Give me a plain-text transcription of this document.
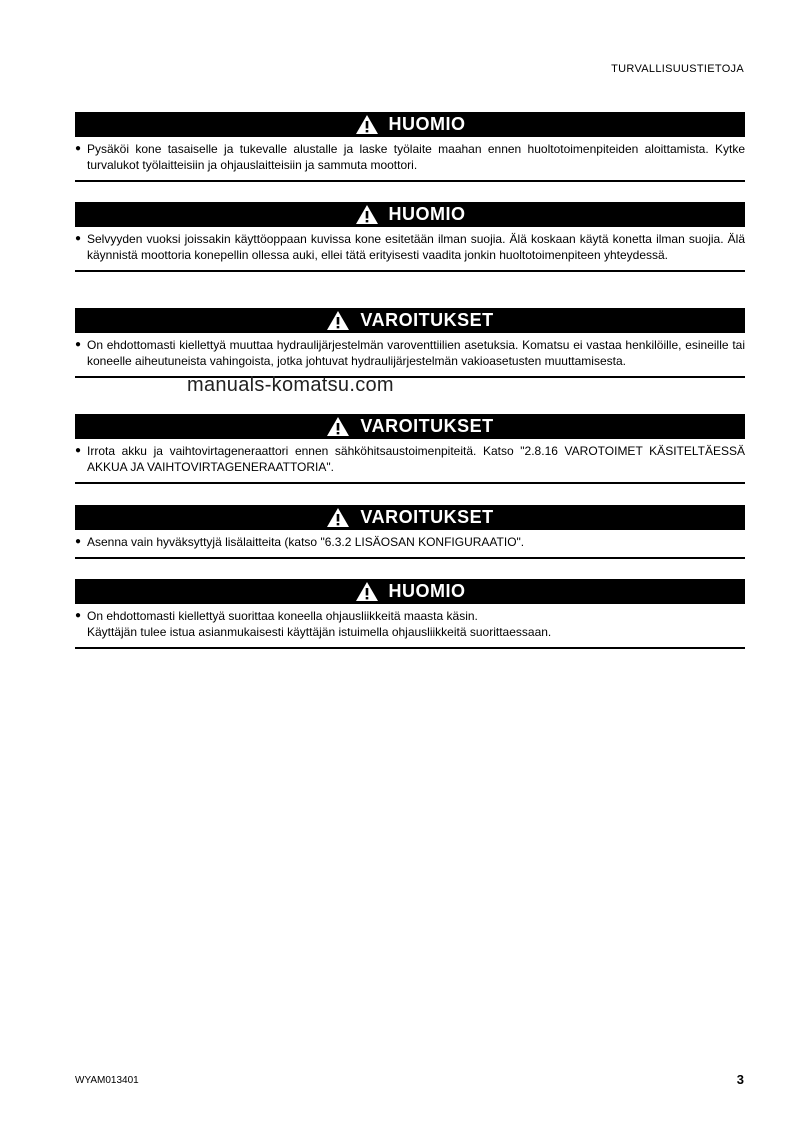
TURVALLISUUSTIETOJA
HUOMIO
● Pysäköi kone tasaiselle ja tukevalle alustalle ja laske työlaite maahan ennen huoltotoimenpiteiden aloittamista. Kytke turvalukot työlaitteisiin ja ohjauslaitteisiin ja sammuta moottori.
HUOMIO
● Selvyyden vuoksi joissakin käyttöoppaan kuvissa kone esitetään ilman suojia. Älä koskaan käytä konetta ilman suojia. Älä käynnistä moottoria konepellin ollessa auki, ellei tätä erityisesti vaadita jonkin huoltotoimenpiteen yhteydessä.
VAROITUKSET
● On ehdottomasti kiellettyä muuttaa hydraulijärjestelmän varoventtiilien asetuksia. Komatsu ei vastaa henkilöille, esineille tai koneelle aiheutuneista vahingoista, jotka johtuvat hydraulijärjestelmän vakioasetusten muuttamisesta.
VAROITUKSET
● Irrota akku ja vaihtovirtageneraattori ennen sähköhitsaustoimenpiteitä. Katso "2.8.16 VAROTOIMET KÄSITELTÄESSÄ AKKUA JA VAIHTOVIRTAGENERAATTORIA".
VAROITUKSET
● Asenna vain hyväksyttyjä lisälaitteita (katso "6.3.2 LISÄOSAN KONFIGURAATIO".
HUOMIO
● On ehdottomasti kiellettyä suorittaa koneella ohjausliikkeitä maasta käsin.
Käyttäjän tulee istua asianmukaisesti käyttäjän istuimella ohjausliikkeitä suorittaessaan.
manuals-komatsu.com
WYAM013401	3
